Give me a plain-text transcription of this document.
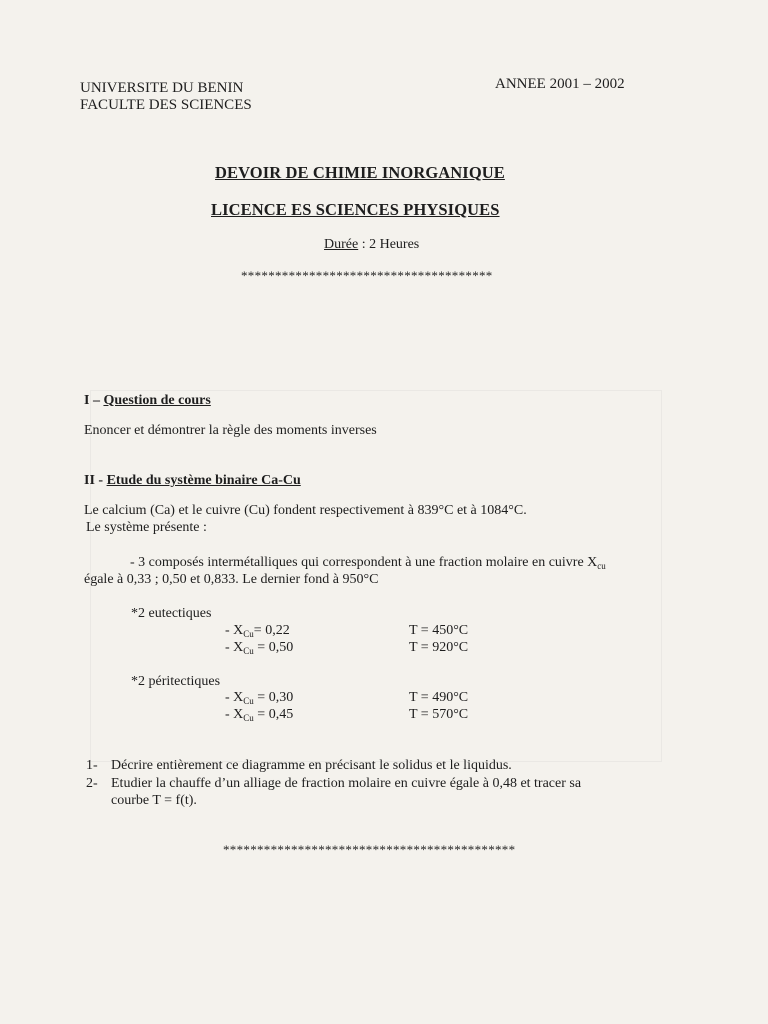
UNIVERSITE DU BENIN
FACULTE DES SCIENCES
ANNEE 2001 – 2002
DEVOIR DE CHIMIE INORGANIQUE
LICENCE ES SCIENCES PHYSIQUES
Durée : 2 Heures
*************************************
I – Question de cours
Enoncer et démontrer la règle des moments inverses
II - Etude du système binaire Ca-Cu
Le calcium (Ca) et le cuivre (Cu) fondent respectivement à 839°C et à 1084°C.
Le système présente :
- 3 composés intermétalliques qui correspondent à une fraction molaire en cuivre $X_{cu}$
égale à 0,33 ; 0,50 et 0,833. Le dernier fond à 950°C
*2 eutectiques
- $X_{Cu}= 0,22$	T = 450°C
- $X_{Cu} = 0,50$	T = 920°C
*2 péritectiques
- $X_{Cu} = 0,30$	T = 490°C
- $X_{Cu} = 0,45$	T = 570°C
1- Décrire entièrement ce diagramme en précisant le solidus et le liquidus.
2- Etudier la chauffe d’un alliage de fraction molaire en cuivre égale à 0,48 et tracer sa
courbe T = f(t).
*******************************************
